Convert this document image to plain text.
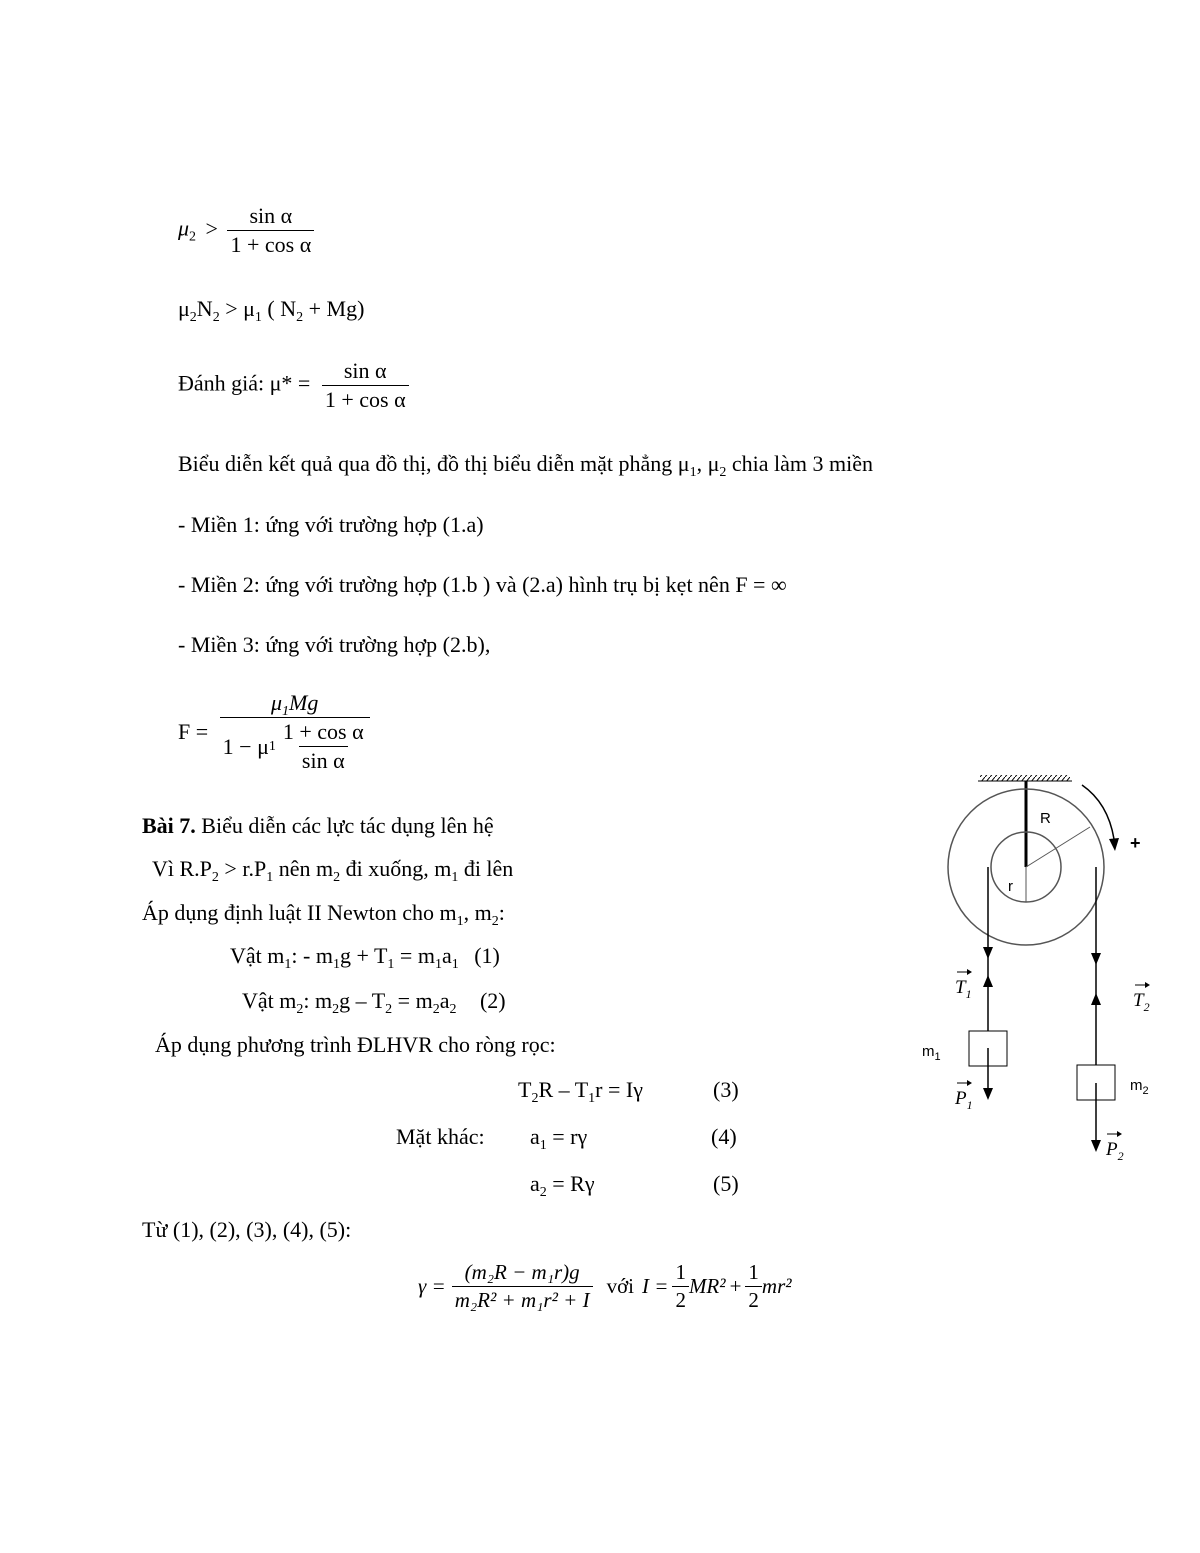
$\mu_2 > \frac{\text{sin α}}{\text{1 + cos α}}$
$\mu_2N_2 > \mu_1$ ( $N_2 + Mg$)
Đánh giá: $\mu* = \frac{\text{sin α}}{\text{1 + cos α}}$
Biểu diễn kết quả qua đồ thị, đồ thị biểu diễn mặt phẳng $\mu_1$, $\mu_2$ chia làm 3 miền
- Miền 1: ứng với trường hợp (1.a)
- Miền 2: ứng với trường hợp (1.b ) và (2.a) hình trụ bị kẹt nên F = ∞
- Miền 3: ứng với trường hợp (2.b),
$F = \frac{\mu_1Mg}{1 - \mu 1 \frac{\text{1 + cos α}}{\text{sin α}}}$
Bài 7. Biểu diễn các lực tác dụng lên hệ
Vì $R.P_2 > r.P_1$ nên $m_2$ đi xuống, $m_1$ đi lên
Áp dụng định luật II Newton cho $m_1$, $m_2$:
Vật $m_1$: - $m_1g + T_1 = m_1a_1$ (1)
Vật $m_2$: $m_2g - T_2 = m_2a_2$ (2)
Áp dụng phương trình ĐLHVR cho ròng rọc:
$T_2R - T_1r = I\gamma$	(3)
Mặt khác: $a_1 = r\gamma$	(4)
$a_2 = R\gamma$	(5)
Từ (1), (2), (3), (4), (5):
$\gamma = \frac{\text{(m₂R − m₁r)g}}{\text{m₂R² + m₁r² + I}}$ với $I = \frac{1}{2} MR^2 + \frac{1}{2} mr^2$
R
r
+
$T_1$	$T_2$
$P_1$
$P_2$
$m_1$
$m_2$
